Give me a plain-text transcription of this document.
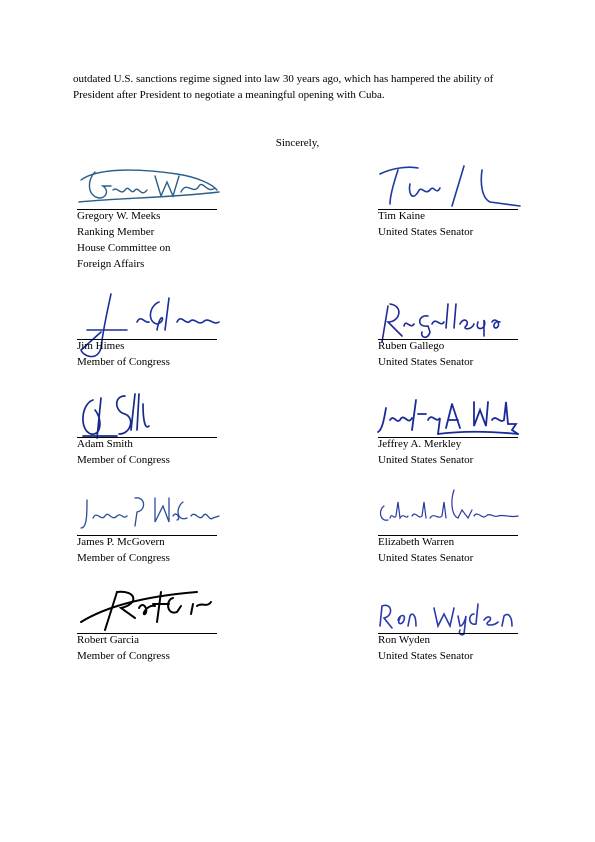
outdated U.S. sanctions regime signed into law 30 years ago, which has hampered the ability of President after President to negotiate a meaningful opening with Cuba.

Sincerely,
Gregory W. Meeks
Ranking Member
House Committee on
Foreign Affairs
Tim Kaine
United States Senator
Jim Himes
Member of Congress
Ruben Gallego
United States Senator
Adam Smith
Member of Congress
Jeffrey A. Merkley
United States Senator
James P. McGovern
Member of Congress
Elizabeth Warren
United States Senator
Robert Garcia
Member of Congress
Ron Wyden
United States Senator
